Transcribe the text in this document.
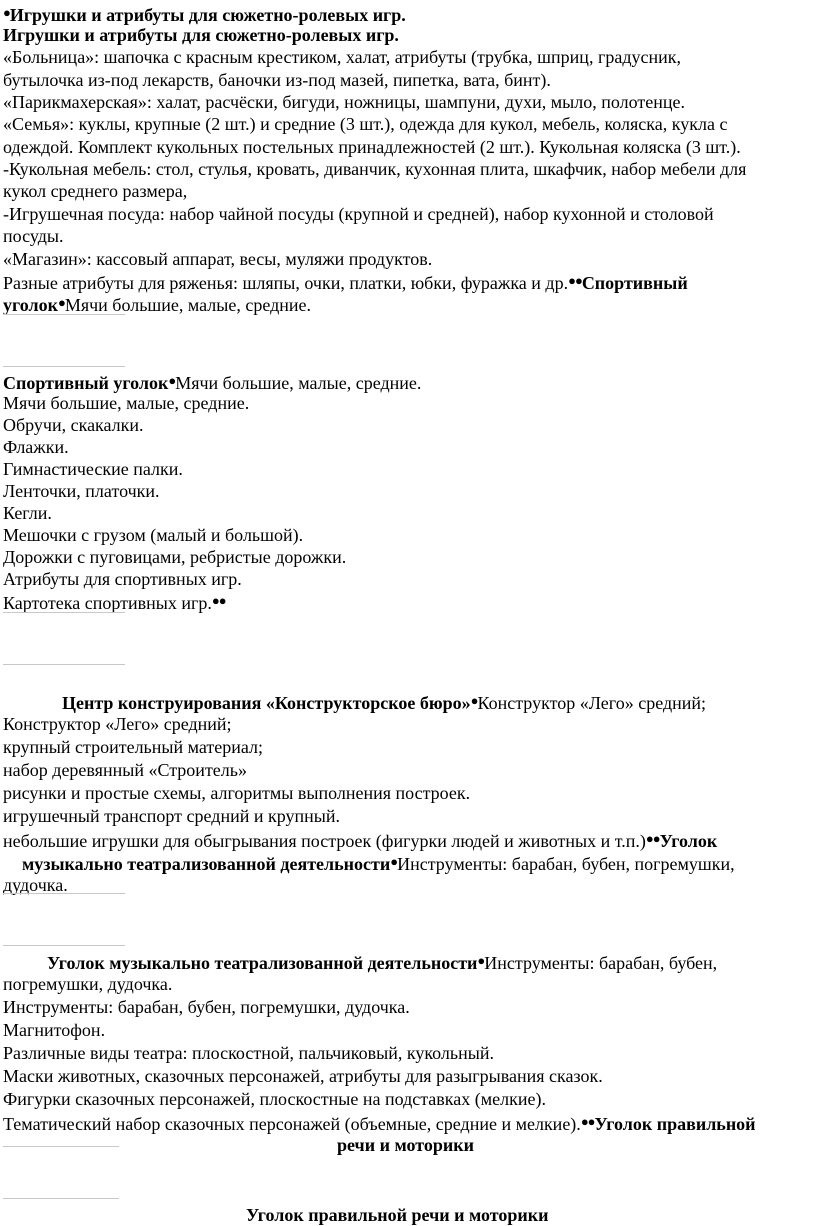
●Игрушки и атрибуты для сюжетно-ролевых игр.
Игрушки и атрибуты для сюжетно-ролевых игр.
«Больница»: шапочка с красным крестиком, халат, атрибуты (трубка, шприц, градусник,
бутылочка из-под лекарств, баночки из-под мазей, пипетка, вата, бинт).
«Парикмахерская»: халат, расчёски, бигуди, ножницы, шампуни, духи, мыло, полотенце.
«Семья»: куклы, крупные (2 шт.) и средние (3 шт.), одежда для кукол, мебель, коляска, кукла с
одеждой. Комплект кукольных постельных принадлежностей (2 шт.). Кукольная коляска (3 шт.).
-Кукольная мебель: стол, стулья, кровать, диванчик, кухонная плита, шкафчик, набор мебели для
кукол среднего размера,
-Игрушечная посуда: набор чайной посуды (крупной и средней), набор кухонной и столовой
посуды.
«Магазин»: кассовый аппарат, весы, муляжи продуктов.
Разные атрибуты для ряженья: шляпы, очки, платки, юбки, фуражка и др.●●Спортивный
уголок●Мячи большие, малые, средние.
Спортивный уголок●Мячи большие, малые, средние.
Мячи большие, малые, средние.
Обручи, скакалки.
Флажки.
Гимнастические палки.
Ленточки, платочки.
Кегли.
Мешочки с грузом (малый и большой).
Дорожки с пуговицами, ребристые дорожки.
Атрибуты для спортивных игр.
Картотека спортивных игр.●●
Центр конструирования «Конструкторское бюро»●Конструктор «Лего» средний;
Конструктор «Лего» средний;
крупный строительный материал;
набор деревянный «Строитель»
рисунки и простые схемы, алгоритмы выполнения построек.
игрушечный транспорт средний и крупный.
небольшие игрушки для обыгрывания построек (фигурки людей и животных и т.п.)●●Уголок
музыкально театрализованной деятельности●Инструменты: барабан, бубен, погремушки,
дудочка.
Уголок музыкально театрализованной деятельности●Инструменты: барабан, бубен,
погремушки, дудочка.
Инструменты: барабан, бубен, погремушки, дудочка.
Магнитофон.
Различные виды театра: плоскостной, пальчиковый, кукольный.
Маски животных, сказочных персонажей, атрибуты для разыгрывания сказок.
Фигурки сказочных персонажей, плоскостные на подставках (мелкие).
Тематический набор сказочных персонажей (объемные, средние и мелкие).●●Уголок правильной
речи и моторики
Уголок правильной речи и моторики
